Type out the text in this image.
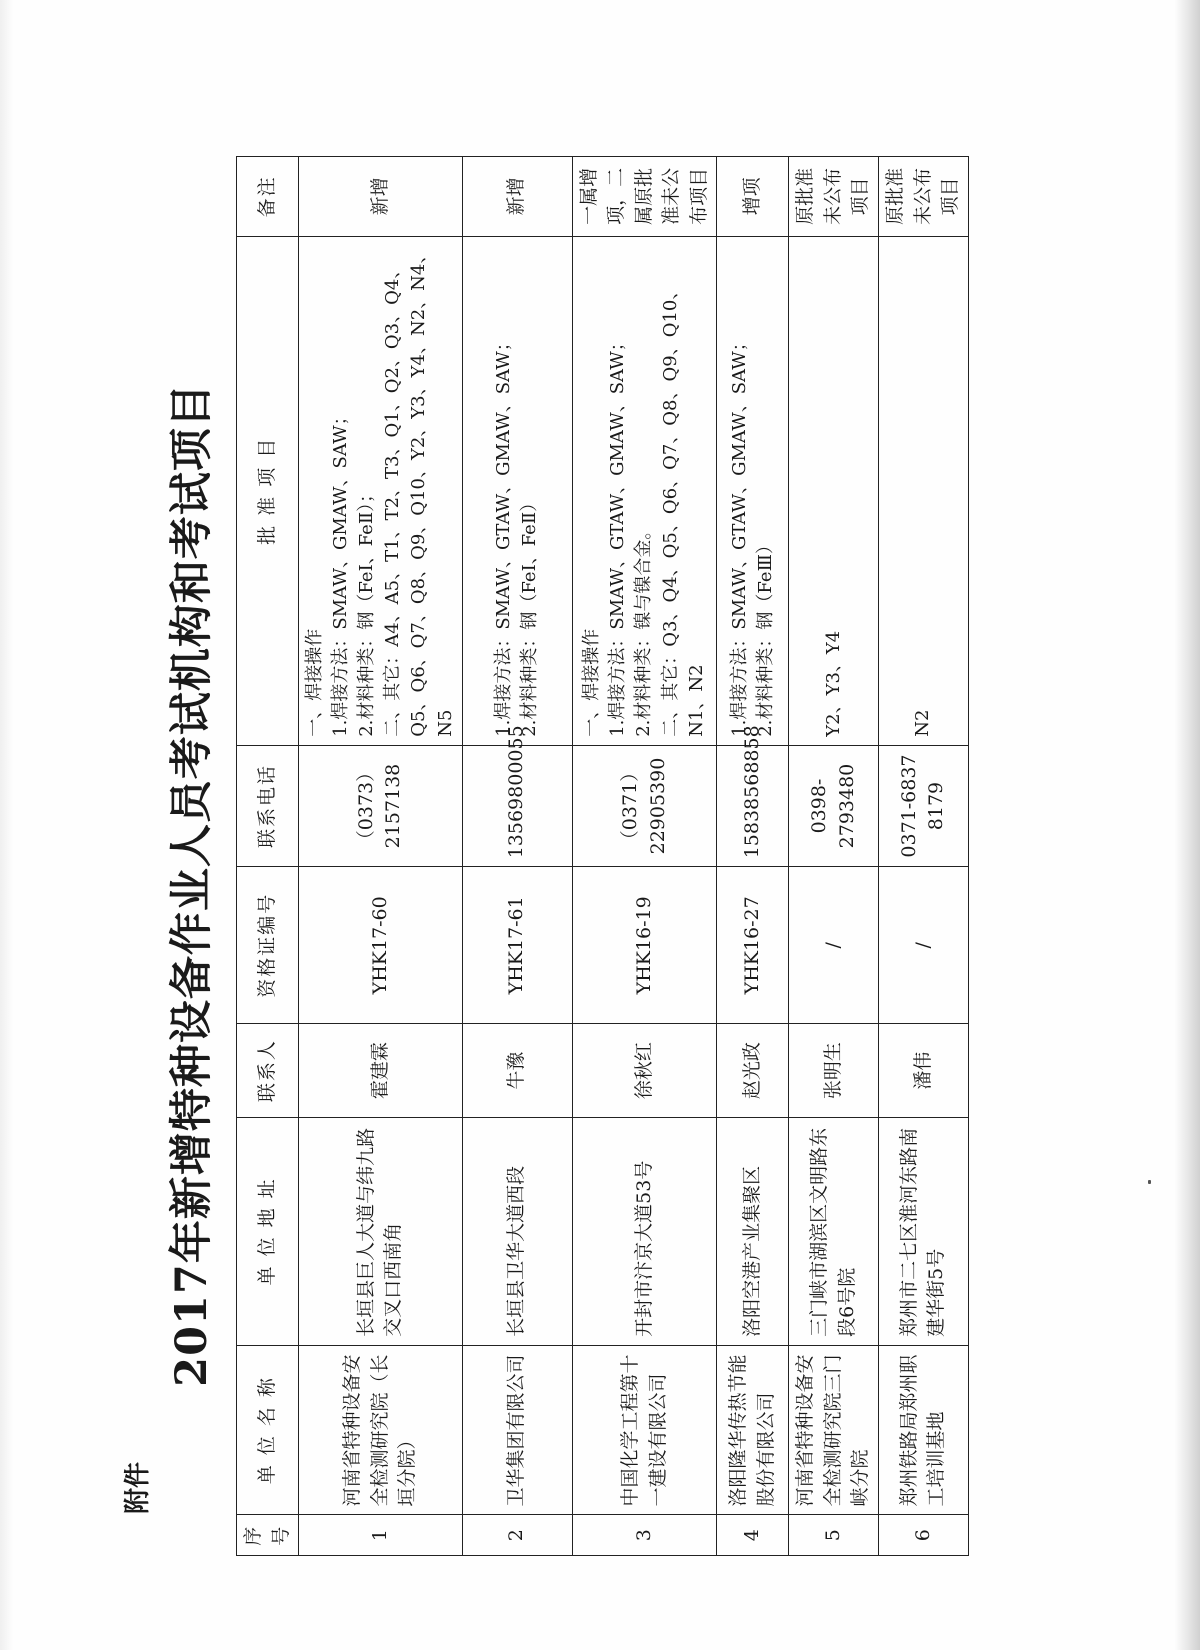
附件
2017年新增特种设备作业人员考试机构和考试项目
序号	单 位 名 称	单 位 地 址	联系人	资格证编号	联系电话	批 准 项 目	备注
1	河南省特种设备安全检测研究院（长垣分院）	长垣县巨人大道与纬九路交叉口西南角	霍建霖	YHK17-60	（0373）2157138	一、焊接操作 1.焊接方法：SMAW、GMAW、SAW； 2.材料种类：钢（FeⅠ、FeⅡ）； 二、其它：A4、A5、T1、T2、T3、Q1、Q2、Q3、Q4、Q5、Q6、Q7、Q8、Q9、Q10、Y2、Y3、Y4、N2、N4、N5	新增
2	卫华集团有限公司	长垣县卫华大道西段	牛豫	YHK17-61	13569800055	1.焊接方法：SMAW、GTAW、GMAW、SAW； 2.材料种类：钢（FeⅠ、FeⅡ）	新增
3	中国化学工程第十一建设有限公司	开封市汴京大道53号	徐秋红	YHK16-19	（0371）22905390	一、焊接操作 1.焊接方法：SMAW、GTAW、GMAW、SAW； 2.材料种类：镍与镍合金。 二、其它：Q3、Q4、Q5、Q6、Q7、Q8、Q9、Q10、N1、N2	一属增项，二属原批准未公布项目
4	洛阳隆华传热节能股份有限公司	洛阳空港产业集聚区	赵光政	YHK16-27	15838568858	1.焊接方法：SMAW、GTAW、GMAW、SAW； 2.材料种类：钢（FeⅢ）	增项
5	河南省特种设备安全检测研究院三门峡分院	三门峡市湖滨区文明路东段6号院	张明生	/	0398-2793480	Y2、Y3、Y4	原批准未公布项目
6	郑州铁路局郑州职工培训基地	郑州市二七区淮河东路南建华街5号	潘伟	/	0371-6837 8179	N2	原批准未公布项目
